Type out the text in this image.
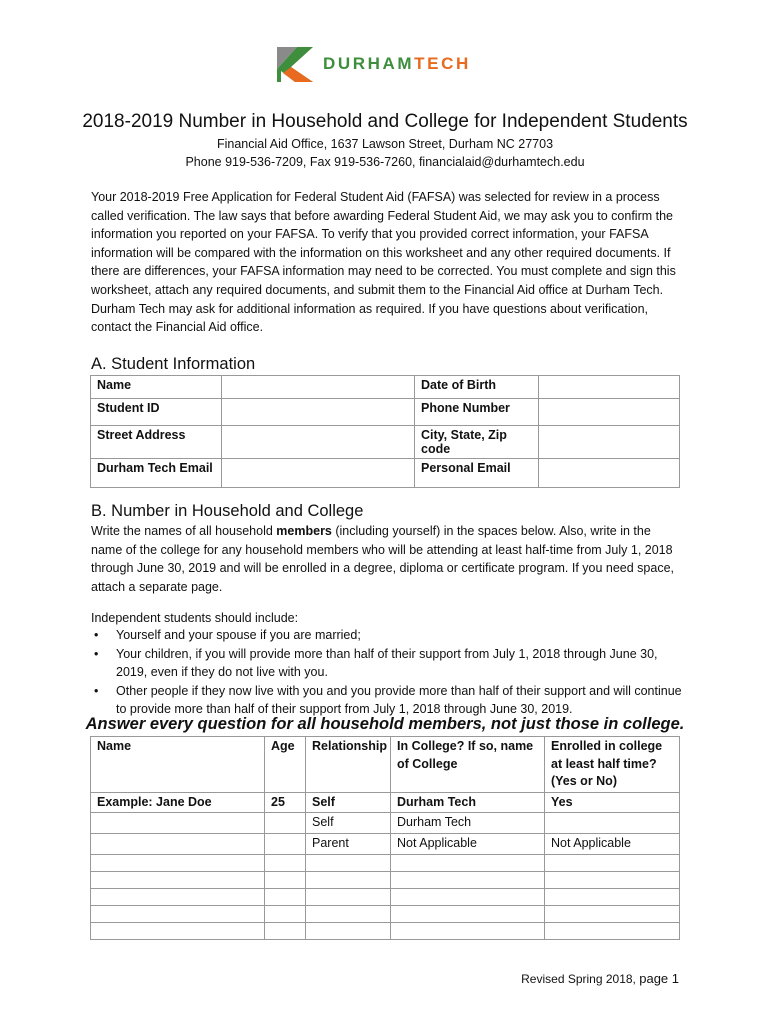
DURHAMTECH
2018-2019 Number in Household and College for Independent Students
Financial Aid Office, 1637 Lawson Street, Durham NC 27703
Phone 919-536-7209, Fax 919-536-7260, financialaid@durhamtech.edu
Your 2018-2019 Free Application for Federal Student Aid (FAFSA) was selected for review in a process called verification. The law says that before awarding Federal Student Aid, we may ask you to confirm the information you reported on your FAFSA. To verify that you provided correct information, your FAFSA information will be compared with the information on this worksheet and any other required documents. If there are differences, your FAFSA information may need to be corrected. You must complete and sign this worksheet, attach any required documents, and submit them to the Financial Aid office at Durham Tech. Durham Tech may ask for additional information as required. If you have questions about verification, contact the Financial Aid office.
A. Student Information
Name		Date of Birth	
Student ID		Phone Number	
Street Address		City, State, Zip code	
Durham Tech Email		Personal Email	
B. Number in Household and College
Write the names of all household members (including yourself) in the spaces below. Also, write in the name of the college for any household members who will be attending at least half-time from July 1, 2018 through June 30, 2019 and will be enrolled in a degree, diploma or certificate program. If you need space, attach a separate page.
Independent students should include:
• Yourself and your spouse if you are married;
• Your children, if you will provide more than half of their support from July 1, 2018 through June 30, 2019, even if they do not live with you.
• Other people if they now live with you and you provide more than half of their support and will continue to provide more than half of their support from July 1, 2018 through June 30, 2019.
Answer every question for all household members, not just those in college.
Name	Age	Relationship	In College? If so, name of College	Enrolled in college at least half time? (Yes or No)
Example: Jane Doe	25	Self	Durham Tech	Yes
		Self	Durham Tech	
		Parent	Not Applicable	Not Applicable

Revised Spring 2018, page 1
